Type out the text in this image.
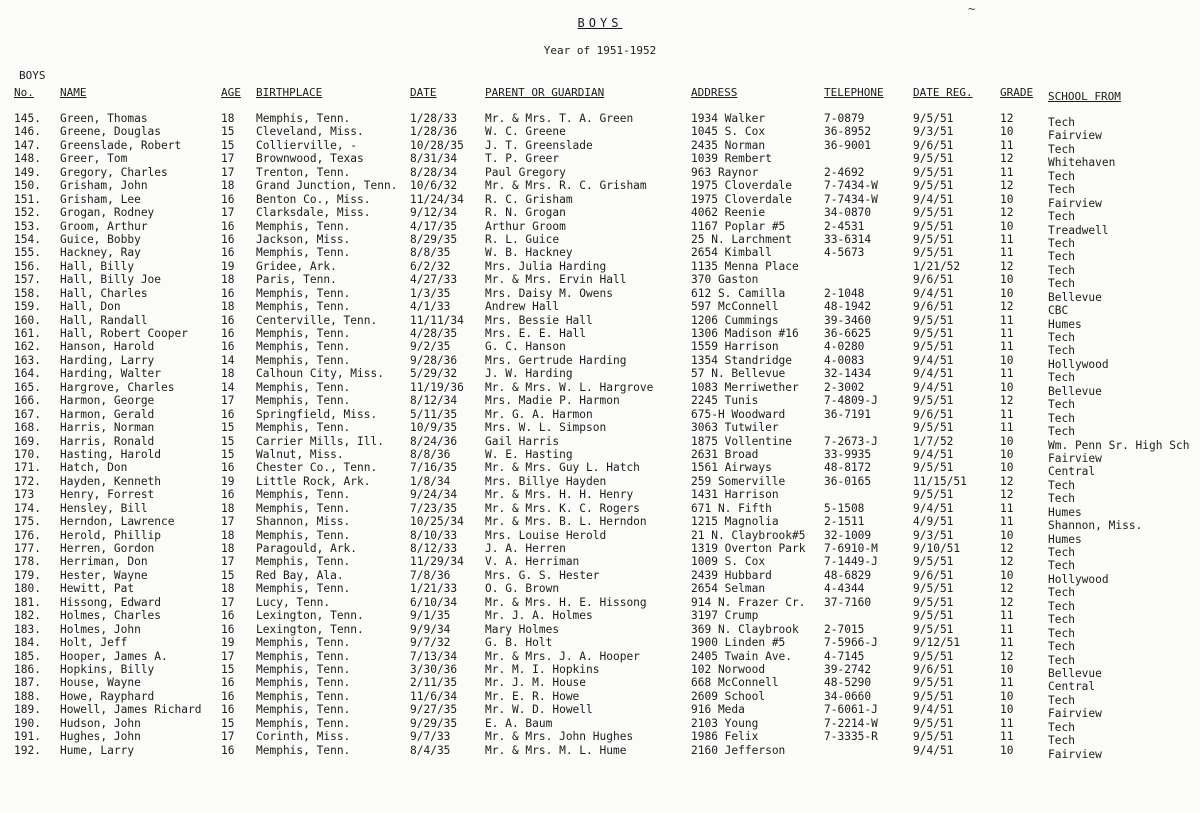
~
BOYS
Year of 1951-1952
BOYS
No. NAME	AGE BIRTHPLACE	DATE	PARENT OR GUARDIAN	ADDRESS	TELEPHONE	DATE REG. GRADE SCHOOL FROM
145. Green, Thomas	18 Memphis, Tenn.	1/28/33 Mr. & Mrs. T. A. Green	1934 Walker	7-0879	9/5/51	12	Tech
146. Greene, Douglas	15 Cleveland, Miss.	1/28/36 W. C. Greene	1045 S. Cox	36-8952	9/3/51	10	Fairview
147. Greenslade, Robert	15 Collierville, -	10/28/35 J. T. Greenslade	2435 Norman	36-9001	9/6/51	11	Tech
148. Greer, Tom	17 Brownwood, Texas	8/31/34 T. P. Greer	1039 Rembert	9/5/51	12	Whitehaven
149. Gregory, Charles	17 Trenton, Tenn.	8/28/34 Paul Gregory	963 Raynor	2-4692	9/5/51	11	Tech
150. Grisham, John	18 Grand Junction, Tenn. 10/6/32 Mr. & Mrs. R. C. Grisham	1975 Cloverdale	7-7434-W	9/5/51	12	Tech
151. Grisham, Lee	16 Benton Co., Miss.	11/24/34 R. C. Grisham	1975 Cloverdale	7-7434-W	9/4/51	10	Fairview
152. Grogan, Rodney	17 Clarksdale, Miss.	9/12/34 R. N. Grogan	4062 Reenie	34-0870	9/5/51	12	Tech
153. Groom, Arthur	16 Memphis, Tenn.	4/17/35 Arthur Groom	1167 Poplar #5	2-4531	9/5/51	10	Treadwell
154. Guice, Bobby	16 Jackson, Miss.	8/29/35 R. L. Guice	25 N. Larchment	33-6314	9/5/51	11	Tech
155. Hackney, Ray	16 Memphis, Tenn.	8/8/35	W. B. Hackney	2654 Kimball	4-5673	9/5/51	11	Tech
156. Hall, Billy	19 Gridee, Ark.	6/2/32	Mrs. Julia Harding	1135 Menna Place	1/21/52	12	Tech
157. Hall, Billy Joe	18 Paris, Tenn.	4/27/33 Mr. & Mrs. Ervin Hall	370 Gaston	9/6/51	10	Tech
158. Hall, Charles	16 Memphis, Tenn.	1/3/35	Mrs. Daisy M. Owens	612 S. Camilla	2-1048	9/4/51	10	Bellevue
159. Hall, Don	18 Memphis, Tenn.	4/1/33	Andrew Hall	597 McConnell	48-1942	9/6/51	12	CBC
160. Hall, Randall	16 Centerville, Tenn.	11/11/34 Mrs. Bessie Hall	1206 Cummings	39-3460	9/5/51	11	Humes
161. Hall, Robert Cooper	16 Memphis, Tenn.	4/28/35 Mrs. E. E. Hall	1306 Madison #16 36-6625	9/5/51	11	Tech
162. Hanson, Harold	16 Memphis, Tenn.	9/2/35	G. C. Hanson	1559 Harrison	4-0280	9/5/51	11	Tech
163. Harding, Larry	14 Memphis, Tenn.	9/28/36 Mrs. Gertrude Harding	1354 Standridge	4-0083	9/4/51	10	Hollywood
164. Harding, Walter	18 Calhoun City, Miss. 5/29/32 J. W. Harding	57 N. Bellevue	32-1434	9/4/51	11	Tech
165. Hargrove, Charles	14 Memphis, Tenn.	11/19/36 Mr. & Mrs. W. L. Hargrove	1083 Merriwether 2-3002	9/4/51	10	Bellevue
166. Harmon, George	17 Memphis, Tenn.	8/12/34 Mrs. Madie P. Harmon	2245 Tunis	7-4809-J	9/5/51	12	Tech
167. Harmon, Gerald	16 Springfield, Miss.	5/11/35 Mr. G. A. Harmon	675-H Woodward	36-7191	9/6/51	11	Tech
168. Harris, Norman	15 Memphis, Tenn.	10/9/35 Mrs. W. L. Simpson	3063 Tutwiler	9/5/51	11	Tech
169. Harris, Ronald	15 Carrier Mills, Ill. 8/24/36 Gail Harris	1875 Vollentine	7-2673-J	1/7/52	10	Wm. Penn Sr. High Sch
170. Hasting, Harold	15 Walnut, Miss.	8/8/36	W. E. Hasting	2631 Broad	33-9935	9/4/51	10	Fairview
171. Hatch, Don	16 Chester Co., Tenn.	7/16/35 Mr. & Mrs. Guy L. Hatch	1561 Airways	48-8172	9/5/51	10	Central
172. Hayden, Kenneth	19 Little Rock, Ark.	1/8/34	Mrs. Billye Hayden	259 Somerville	36-0165	11/15/51	12	Tech
173 Henry, Forrest	16 Memphis, Tenn.	9/24/34 Mr. & Mrs. H. H. Henry	1431 Harrison	9/5/51	12	Tech
174. Hensley, Bill	18 Memphis, Tenn.	7/23/35 Mr. & Mrs. K. C. Rogers	671 N. Fifth	5-1508	9/4/51	11	Humes
175. Herndon, Lawrence	17 Shannon, Miss.	10/25/34 Mr. & Mrs. B. L. Herndon	1215 Magnolia	2-1511	4/9/51	11	Shannon, Miss.
176. Herold, Phillip	18 Memphis, Tenn.	8/10/33 Mrs. Louise Herold	21 N. Claybrook#5 32-1009	9/3/51	10	Humes
177. Herren, Gordon	18 Paragould, Ark.	8/12/33 J. A. Herren	1319 Overton Park 7-6910-M	9/10/51	12	Tech
178. Herriman, Don	17 Memphis, Tenn.	11/29/34 V. A. Herriman	1009 S. Cox	7-1449-J	9/5/51	12	Tech
179. Hester, Wayne	15 Red Bay, Ala.	7/8/36	Mrs. G. S. Hester	2439 Hubbard	48-6829	9/6/51	10	Hollywood
180. Hewitt, Pat	18 Memphis, Tenn.	1/21/33 O. G. Brown	2654 Selman	4-4344	9/5/51	12	Tech
181. Hissong, Edward	17 Lucy, Tenn.	6/10/34 Mr. & Mrs. H. E. Hissong	914 N. Frazer Cr. 37-7160	9/5/51	12	Tech
182. Holmes, Charles	16 Lexington, Tenn.	9/1/35	Mr. J. A. Holmes	3197 Crump	9/5/51	11	Tech
183. Holmes, John	16 Lexington, Tenn.	9/9/34	Mary Holmes	369 N. Claybrook 2-7015	9/5/51	11	Tech
184. Holt, Jeff	19 Memphis, Tenn.	9/7/32	G. B. Holt	1900 Linden #5	7-5966-J	9/12/51	11	Tech
185. Hooper, James A.	17 Memphis, Tenn.	7/13/34 Mr. & Mrs. J. A. Hooper	2405 Twain Ave.	4-7145	9/5/51	12	Tech
186. Hopkins, Billy	15 Memphis, Tenn.	3/30/36 Mr. M. I. Hopkins	102 Norwood	39-2742	9/6/51	10	Bellevue
187. House, Wayne	16 Memphis, Tenn.	2/11/35 Mr. J. M. House	668 McConnell	48-5290	9/5/51	11	Central
188. Howe, Rayphard	16 Memphis, Tenn.	11/6/34 Mr. E. R. Howe	2609 School	34-0660	9/5/51	10	Tech
189. Howell, James Richard 16 Memphis, Tenn.	9/27/35 Mr. W. D. Howell	916 Meda	7-6061-J	9/4/51	10	Fairview
190. Hudson, John	15 Memphis, Tenn.	9/29/35 E. A. Baum	2103 Young	7-2214-W	9/5/51	11	Tech
191. Hughes, John	17 Corinth, Miss.	9/7/33	Mr. & Mrs. John Hughes	1986 Felix	7-3335-R	9/5/51	11	Tech
192. Hume, Larry	16 Memphis, Tenn.	8/4/35	Mr. & Mrs. M. L. Hume	2160 Jefferson	9/4/51	10	Fairview
